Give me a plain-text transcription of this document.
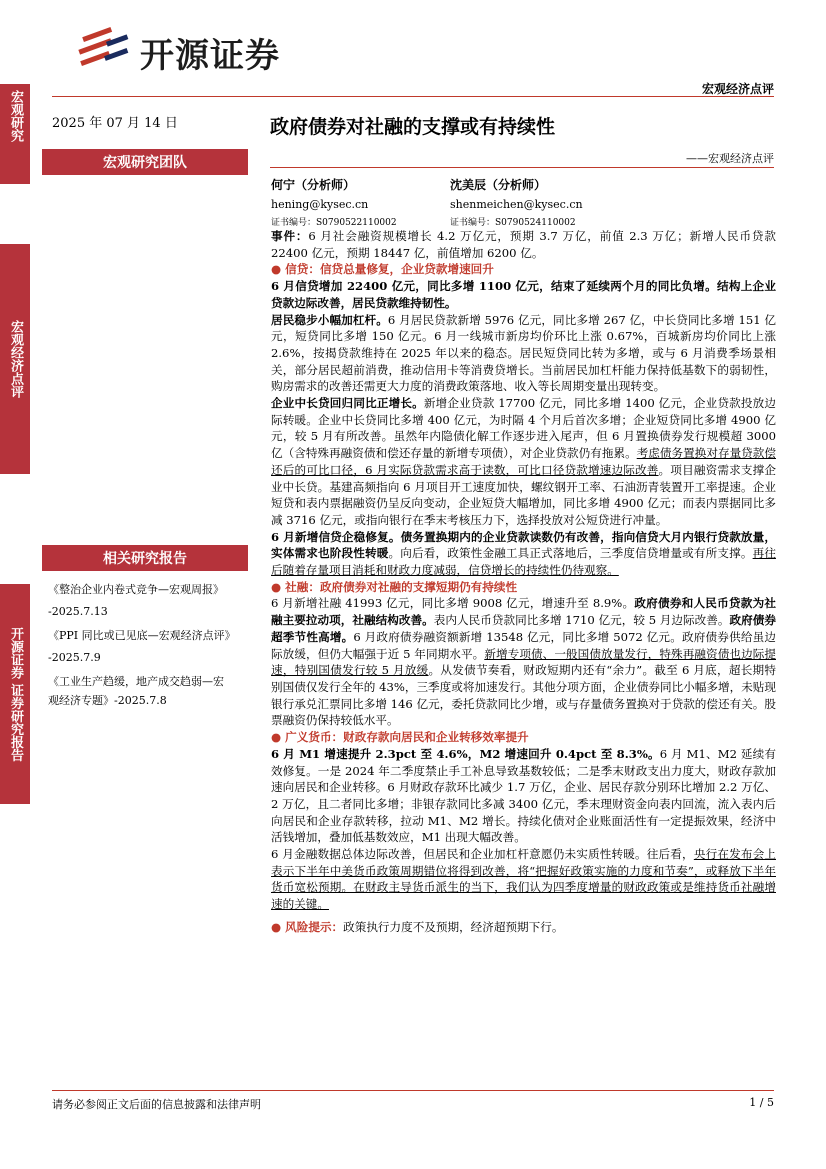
开源证券
宏观经济点评
宏观研究
宏观经济点评
开源证券 证券研究报告
2025 年 07 月 14 日
宏观研究团队
相关研究报告
《整治企业内卷式竞争—宏观周报》
-2025.7.13
《PPI 同比或已见底—宏观经济点评》
-2025.7.9
《工业生产趋缓，地产成交趋弱—宏
观经济专题》-2025.7.8
政府债券对社融的支撑或有持续性
——宏观经济点评
何宁（分析师）
hening@kysec.cn
证书编号：S0790522110002
沈美辰（分析师）
shenmeichen@kysec.cn
证书编号：S0790524110002

事件：6 月社会融资规模增长 4.2 万亿元，预期 3.7 万亿，前值 2.3 万亿；新增人民币贷款 22400 亿元，预期 18447 亿，前值增加 6200 亿。

● 信贷：信贷总量修复，企业贷款增速回升

6 月信贷增加 22400 亿元，同比多增 1100 亿元，结束了延续两个月的同比负增。结构上企业贷款边际改善，居民贷款维持韧性。

居民稳步小幅加杠杆。6 月居民贷款新增 5976 亿元，同比多增 267 亿，中长贷同比多增 151 亿元，短贷同比多增 150 亿元。6 月一线城市新房均价环比上涨 0.67%，百城新房均价同比上涨 2.6%，按揭贷款维持在 2025 年以来的稳态。居民短贷同比转为多增，或与 6 月消费季场景相关，部分居民超前消费，推动信用卡等消费贷增长。当前居民加杠杆能力保持低基数下的弱韧性，购房需求的改善还需更大力度的消费政策落地、收入等长周期变量出现转变。

企业中长贷回归同比正增长。新增企业贷款 17700 亿元，同比多增 1400 亿元，企业贷款投放边际转暖。企业中长贷同比多增 400 亿元，为时隔 4 个月后首次多增；企业短贷同比多增 4900 亿元，较 5 月有所改善。虽然年内隐债化解工作逐步进入尾声，但 6 月置换债券发行规模超 3000 亿（含特殊再融资债和偿还存量的新增专项债），对企业贷款仍有拖累。考虑债务置换对存量贷款偿还后的可比口径，6 月实际贷款需求高于读数，可比口径贷款增速边际改善。项目融资需求支撑企业中长贷。基建高频指向 6 月项目开工速度加快，螺纹钢开工率、石油沥青装置开工率提速。企业短贷和表内票据融资仍呈反向变动，企业短贷大幅增加，同比多增 4900 亿元；而表内票据同比多减 3716 亿元，或指向银行在季末考核压力下，选择投放对公短贷进行冲量。

6 月新增信贷企稳修复。债务置换期内的企业贷款读数仍有改善，指向信贷大月内银行贷款放量，实体需求也阶段性转暖。向后看，政策性金融工具正式落地后，三季度信贷增量或有所支撑。再往后随着存量项目消耗和财政力度减弱，信贷增长的持续性仍待观察。

● 社融：政府债券对社融的支撑短期仍有持续性

6 月新增社融 41993 亿元，同比多增 9008 亿元，增速升至 8.9%。政府债券和人民币贷款为社融主要拉动项，社融结构改善。表内人民币贷款同比多增 1710 亿元，较 5 月边际改善。政府债券超季节性高增。6 月政府债券融资额新增 13548 亿元，同比多增 5072 亿元。政府债券供给虽边际放缓，但仍大幅强于近 5 年同期水平。新增专项债、一般国债放量发行，特殊再融资债也边际提速，特别国债发行较 5 月放缓。从发债节奏看，财政短期内还有“余力”。截至 6 月底，超长期特别国债仅发行全年的 43%，三季度或将加速发行。其他分项方面，企业债券同比小幅多增，未贴现银行承兑汇票同比多增 146 亿元，委托贷款同比少增，或与存量债务置换对于贷款的偿还有关。股票融资仍保持较低水平。

● 广义货币：财政存款向居民和企业转移效率提升

6 月 M1 增速提升 2.3pct 至 4.6%，M2 增速回升 0.4pct 至 8.3%。6 月 M1、M2 延续有效修复。一是 2024 年二季度禁止手工补息导致基数较低；二是季末财政支出力度大，财政存款加速向居民和企业转移。6 月财政存款环比减少 1.7 万亿，企业、居民存款分别环比增加 2.2 万亿、2 万亿，且二者同比多增；非银存款同比多减 3400 亿元，季末理财资金向表内回流，流入表内后向居民和企业存款转移，拉动 M1、M2 增长。持续化债对企业账面活性有一定提振效果，经济中活钱增加，叠加低基数效应，M1 出现大幅改善。

6 月金融数据总体边际改善，但居民和企业加杠杆意愿仍未实质性转暖。往后看，央行在发布会上表示下半年中美货币政策周期错位将得到改善，将“把握好政策实施的力度和节奏”，或释放下半年货币宽松预期。在财政主导货币派生的当下，我们认为四季度增量的财政政策或是维持货币社融增速的关键。

● 风险提示：政策执行力度不及预期，经济超预期下行。

请务必参阅正文后面的信息披露和法律声明	1 / 5
